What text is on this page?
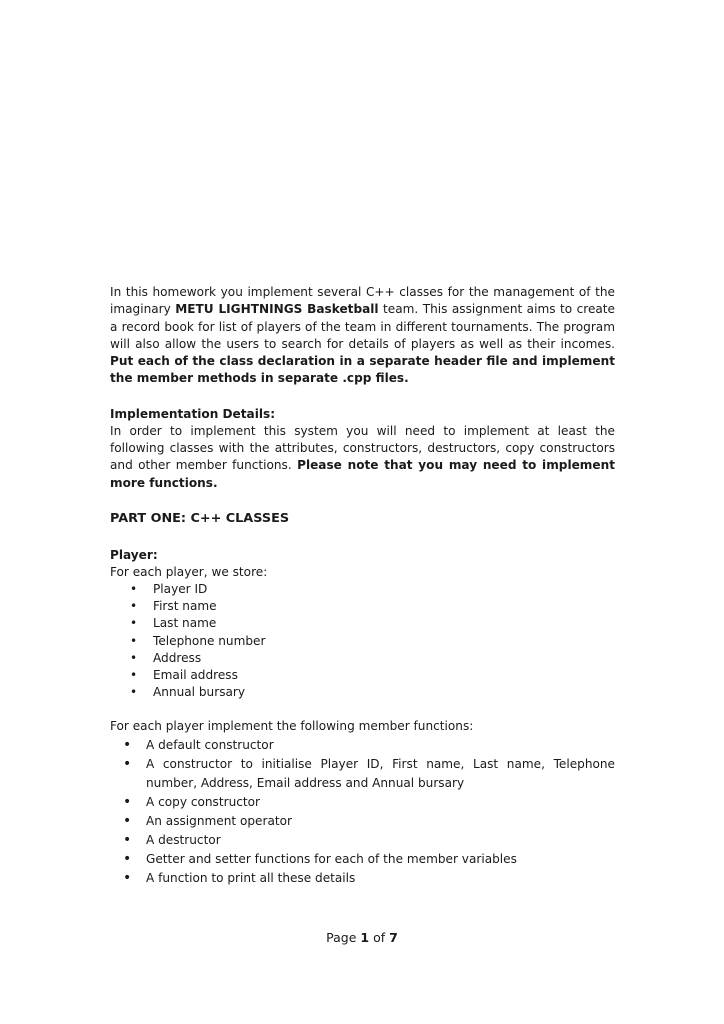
In this homework you implement several C++ classes for the management of the imaginary METU LIGHTNINGS Basketball team. This assignment aims to create a record book for list of players of the team in different tournaments. The program will also allow the users to search for details of players as well as their incomes. Put each of the class declaration in a separate header file and implement the member methods in separate .cpp files.

Implementation Details:

In order to implement this system you will need to implement at least the following classes with the attributes, constructors, destructors, copy constructors and other member functions. Please note that you may need to implement more functions.

PART ONE: C++ CLASSES

Player:

For each player, we store:

• Player ID
• First name
• Last name
• Telephone number
• Address
• Email address
• Annual bursary

For each player implement the following member functions:

• A default constructor
• A constructor to initialise Player ID, First name, Last name, Telephone number, Address, Email address and Annual bursary
• A copy constructor
• An assignment operator
• A destructor
• Getter and setter functions for each of the member variables
• A function to print all these details
Page 1 of 7
